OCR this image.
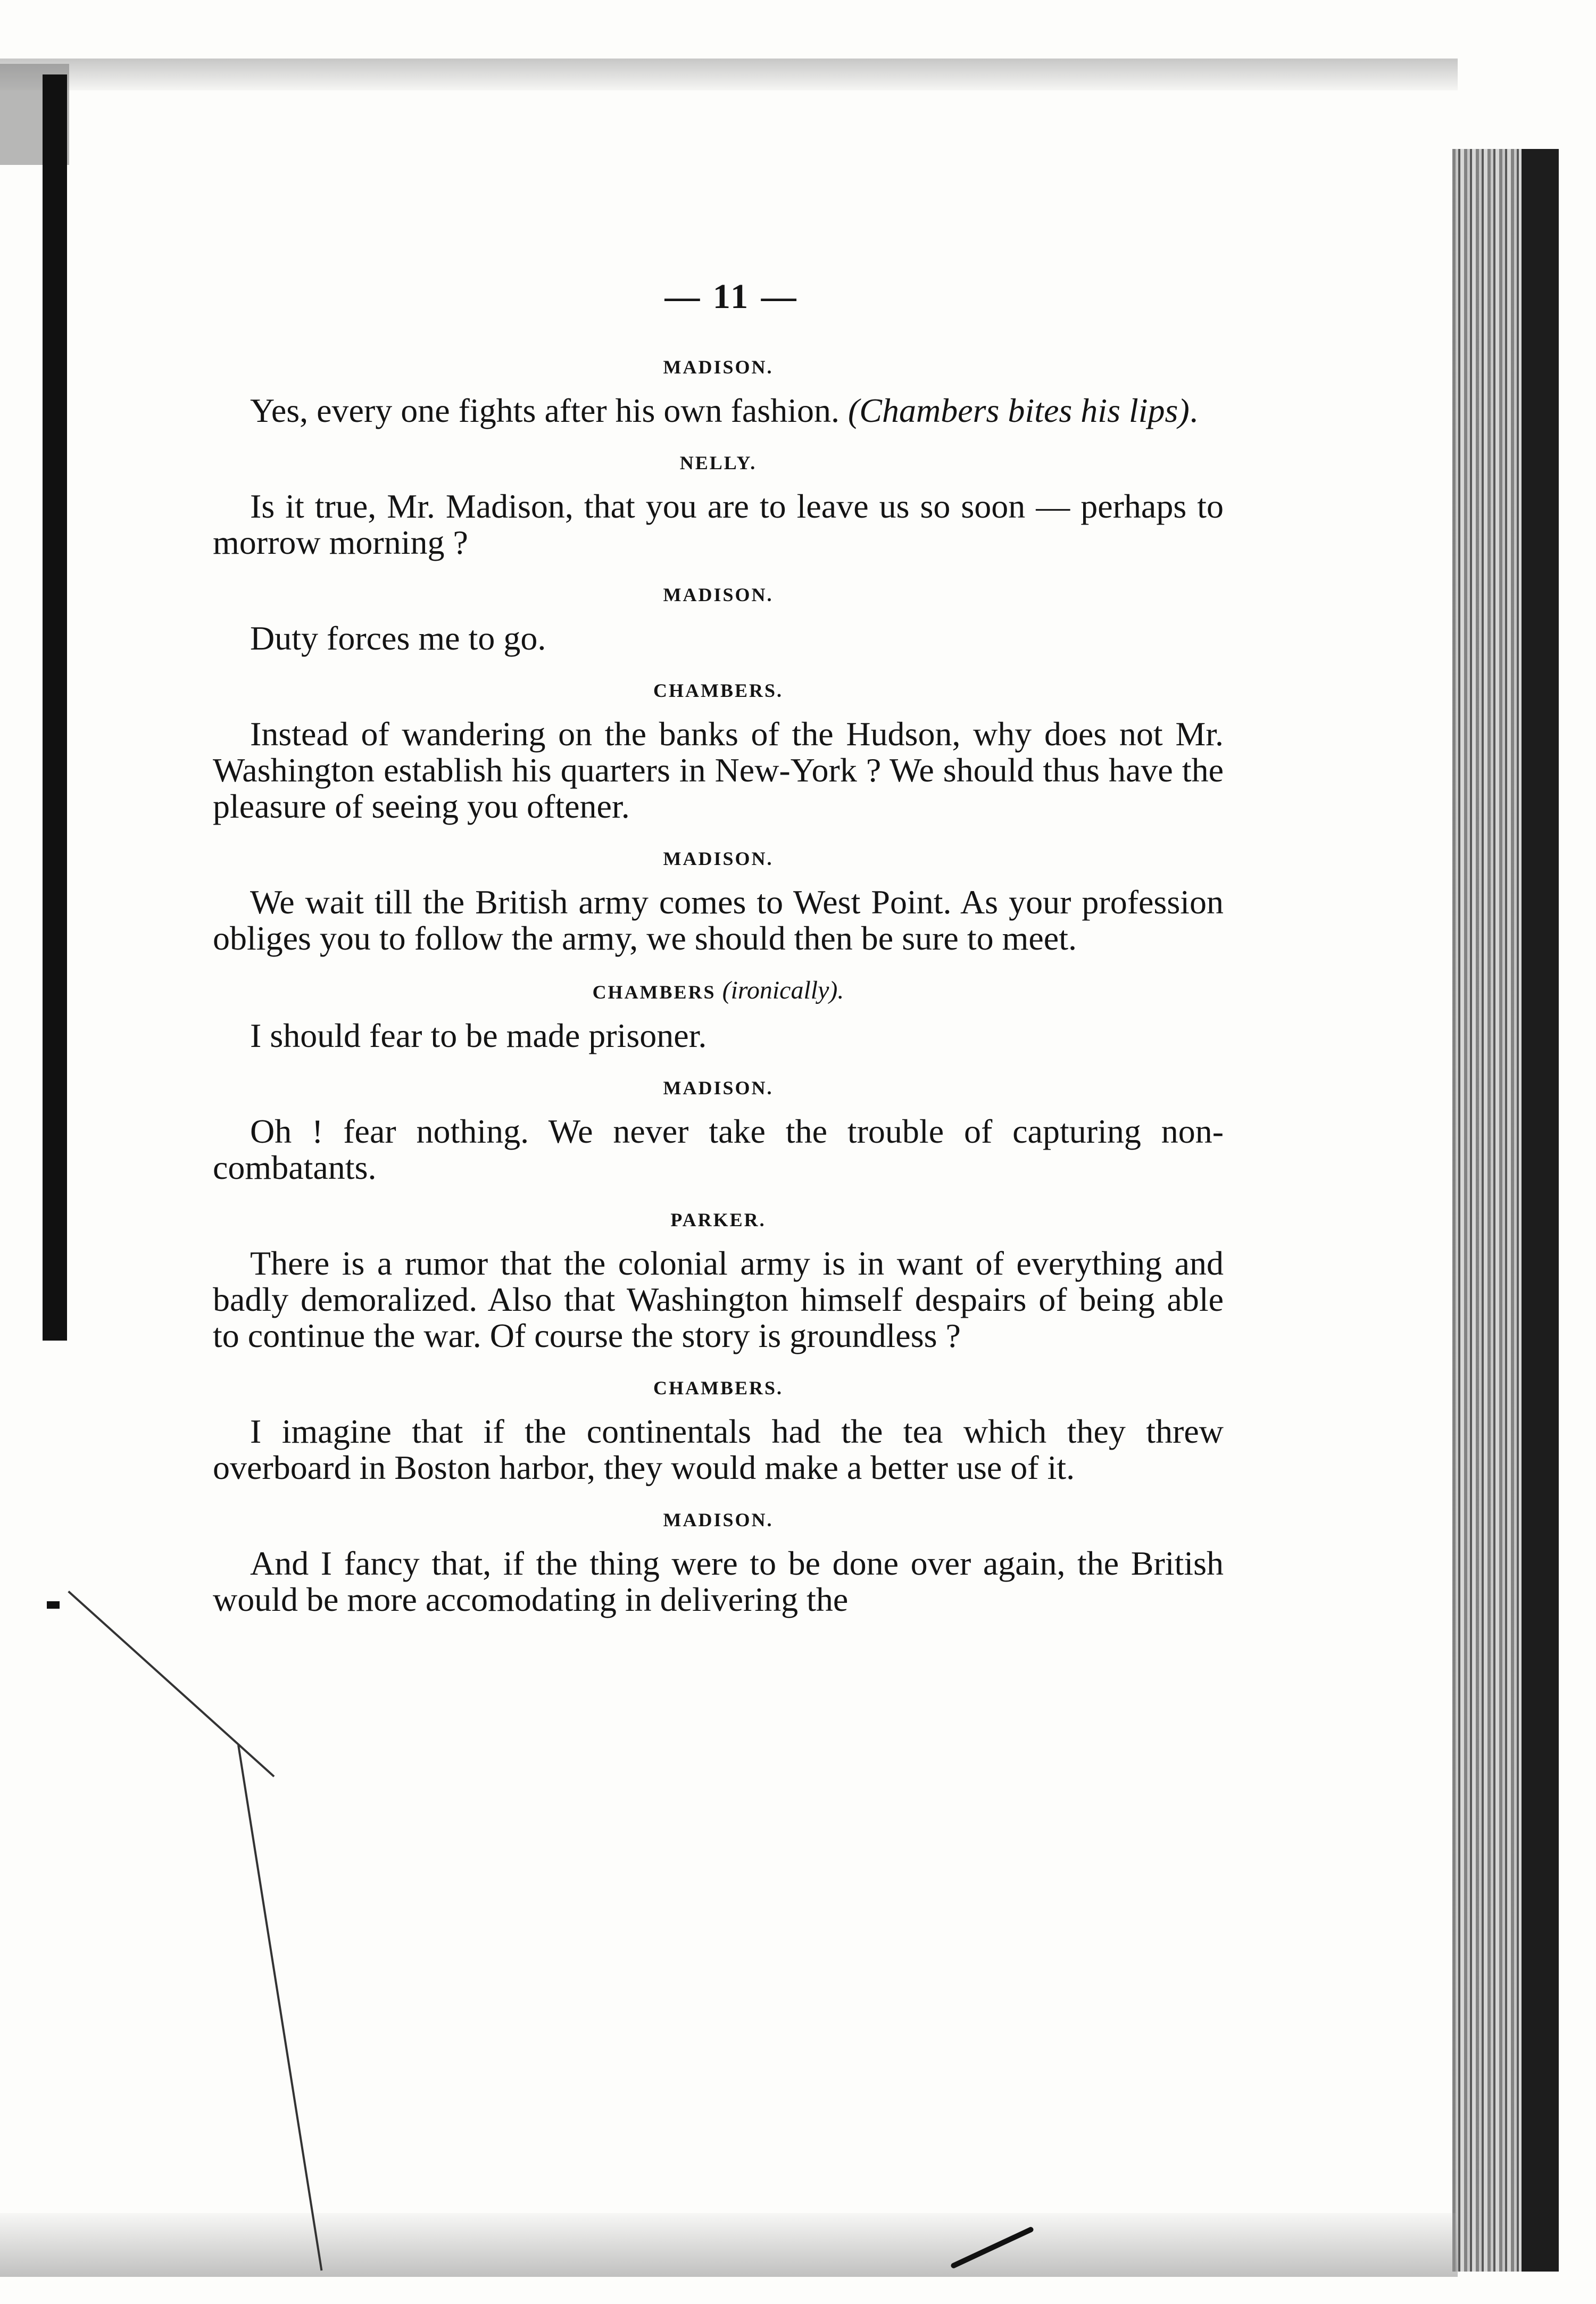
— 11 —
MADISON.

Yes, every one fights after his own fashion. (Chambers bites his lips).

NELLY.

Is it true, Mr. Madison, that you are to leave us so soon — perhaps to morrow morning ?

MADISON.

Duty forces me to go.

CHAMBERS.

Instead of wandering on the banks of the Hudson, why does not Mr. Washington establish his quarters in New-York ? We should thus have the pleasure of seeing you oftener.

MADISON.

We wait till the British army comes to West Point. As your profession obliges you to follow the army, we should then be sure to meet.

CHAMBERS (ironically).

I should fear to be made prisoner.

MADISON.

Oh ! fear nothing. We never take the trouble of capturing non-combatants.

PARKER.

There is a rumor that the colonial army is in want of everything and badly demoralized. Also that Washington himself despairs of being able to continue the war. Of course the story is groundless ?

CHAMBERS.

I imagine that if the continentals had the tea which they threw overboard in Boston harbor, they would make a better use of it.

MADISON.

And I fancy that, if the thing were to be done over again, the British would be more accomodating in delivering the
